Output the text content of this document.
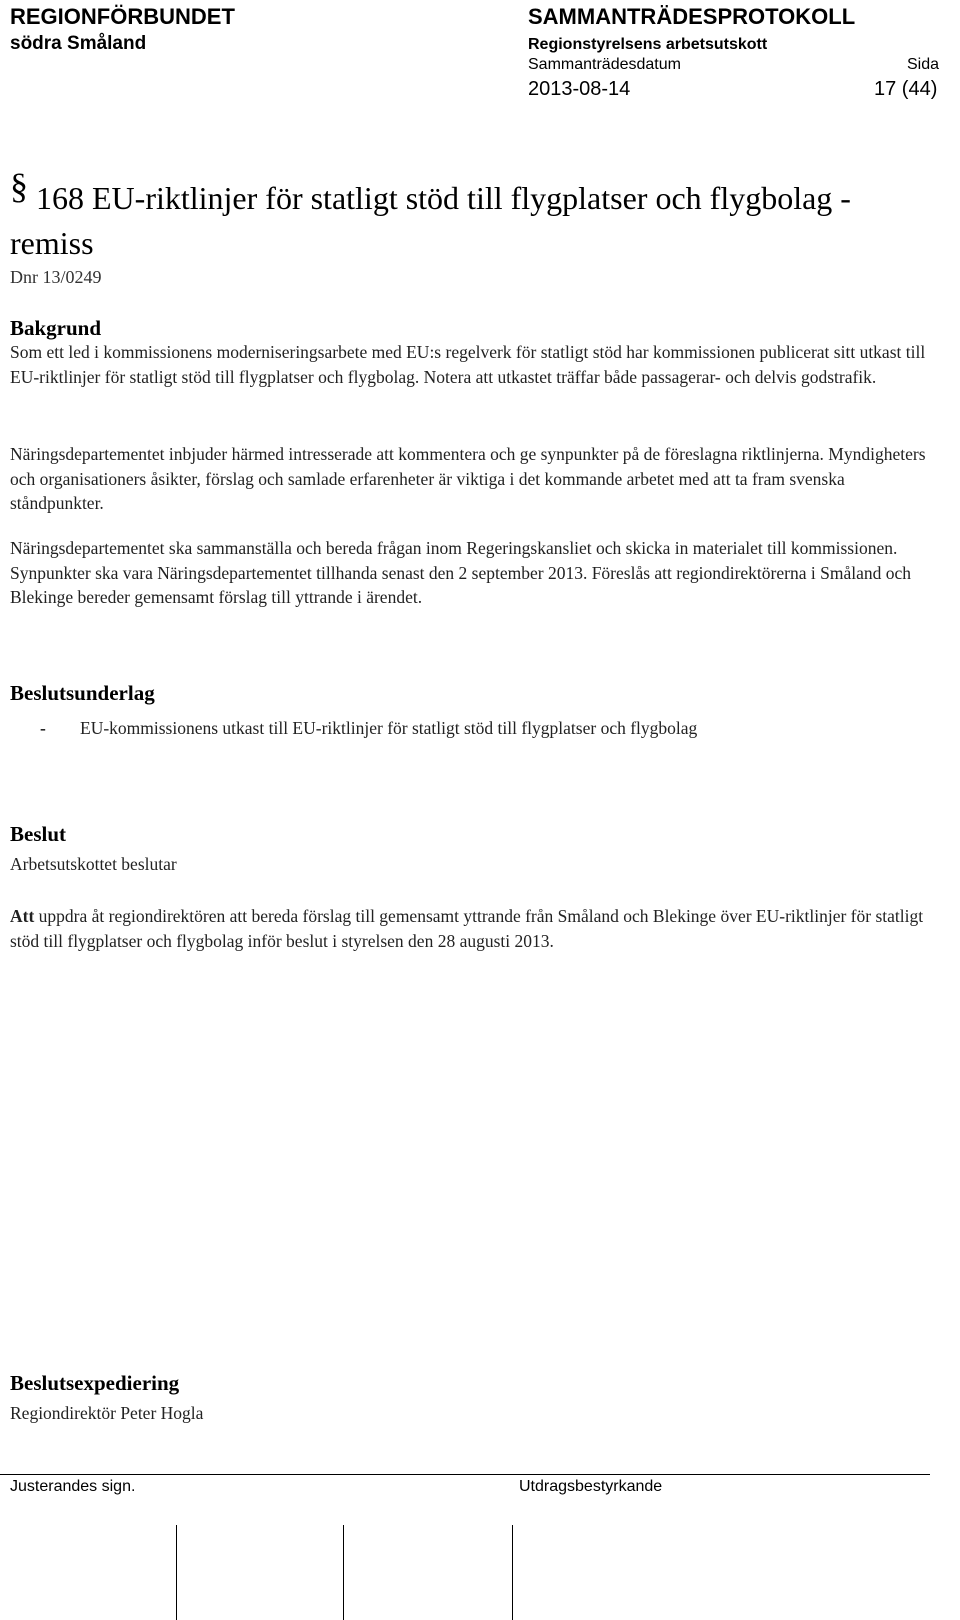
REGIONFÖRBUNDET
södra Småland
SAMMANTRÄDESPROTOKOLL
Regionstyrelsens arbetsutskott
Sammanträdesdatum	Sida
2013-08-14	17 (44)
§ 168 EU-riktlinjer för statligt stöd till flygplatser och flygbolag - remiss
Dnr 13/0249
Bakgrund

Som ett led i kommissionens moderniseringsarbete med EU:s regelverk för statligt stöd har kommissionen publicerat sitt utkast till EU-riktlinjer för statligt stöd till flygplatser och flygbolag. Notera att utkastet träffar både passagerar- och delvis godstrafik.

Näringsdepartementet inbjuder härmed intresserade att kommentera och ge synpunkter på de föreslagna riktlinjerna. Myndigheters och organisationers åsikter, förslag och samlade erfarenheter är viktiga i det kommande arbetet med att ta fram svenska ståndpunkter.

Näringsdepartementet ska sammanställa och bereda frågan inom Regeringskansliet och skicka in materialet till kommissionen. Synpunkter ska vara Näringsdepartementet tillhanda senast den 2 september 2013. Föreslås att regiondirektörerna i Småland och Blekinge bereder gemensamt förslag till yttrande i ärendet.

Beslutsunderlag
- EU-kommissionens utkast till EU-riktlinjer för statligt stöd till flygplatser och flygbolag
Beslut
Arbetsutskottet beslutar

Att uppdra åt regiondirektören att bereda förslag till gemensamt yttrande från Småland och Blekinge över EU-riktlinjer för statligt stöd till flygplatser och flygbolag inför beslut i styrelsen den 28 augusti 2013.

Beslutsexpediering
Regiondirektör Peter Hogla
Justerandes sign.	Utdragsbestyrkande
